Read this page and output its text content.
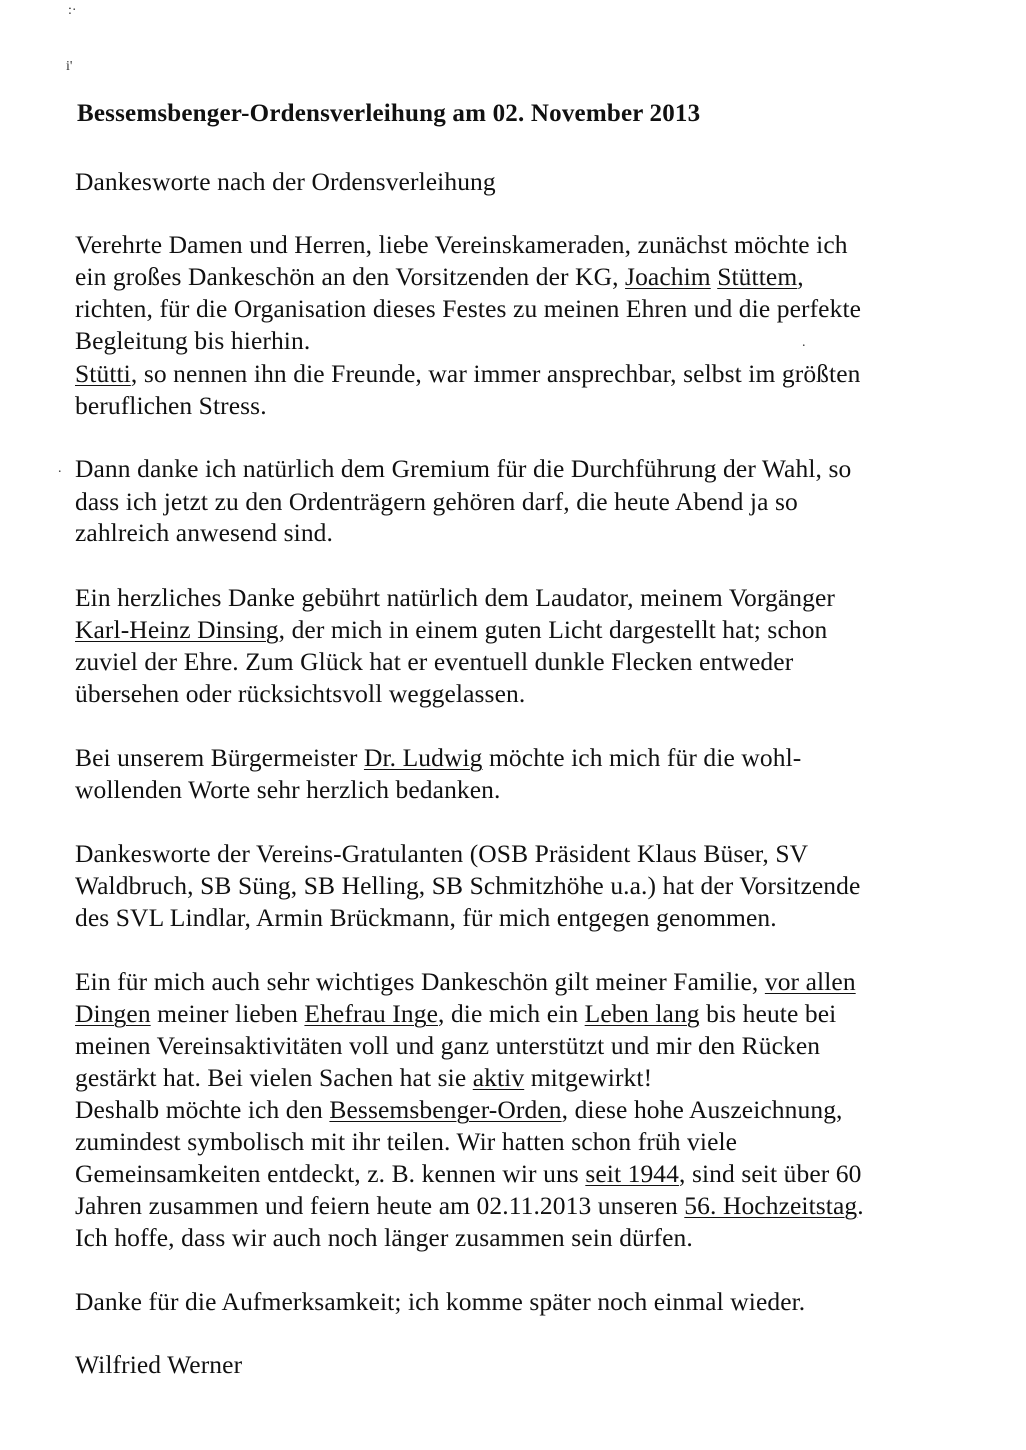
:·
i'
.
.
Bessemsbenger-Ordensverleihung am 02. November 2013
Dankesworte nach der Ordensverleihung
Verehrte Damen und Herren, liebe Vereinskameraden, zunächst möchte ich
ein großes Dankeschön an den Vorsitzenden der KG, Joachim Stüttem,
richten, für die Organisation dieses Festes zu meinen Ehren und die perfekte
Begleitung bis hierhin.
Stütti, so nennen ihn die Freunde, war immer ansprechbar, selbst im größten
beruflichen Stress.
Dann danke ich natürlich dem Gremium für die Durchführung der Wahl, so
dass ich jetzt zu den Ordenträgern gehören darf, die heute Abend ja so
zahlreich anwesend sind.
Ein herzliches Danke gebührt natürlich dem Laudator, meinem Vorgänger
Karl-Heinz Dinsing, der mich in einem guten Licht dargestellt hat; schon
zuviel der Ehre. Zum Glück hat er eventuell dunkle Flecken entweder
übersehen oder rücksichtsvoll weggelassen.
Bei unserem Bürgermeister Dr. Ludwig möchte ich mich für die wohl-
wollenden Worte sehr herzlich bedanken.
Dankesworte der Vereins-Gratulanten (OSB Präsident Klaus Büser, SV
Waldbruch, SB Süng, SB Helling, SB Schmitzhöhe u.a.) hat der Vorsitzende
des SVL Lindlar, Armin Brückmann, für mich entgegen genommen.
Ein für mich auch sehr wichtiges Dankeschön gilt meiner Familie, vor allen
Dingen meiner lieben Ehefrau Inge, die mich ein Leben lang bis heute bei
meinen Vereinsaktivitäten voll und ganz unterstützt und mir den Rücken
gestärkt hat. Bei vielen Sachen hat sie aktiv mitgewirkt!
Deshalb möchte ich den Bessemsbenger-Orden, diese hohe Auszeichnung,
zumindest symbolisch mit ihr teilen. Wir hatten schon früh viele
Gemeinsamkeiten entdeckt, z. B. kennen wir uns seit 1944, sind seit über 60
Jahren zusammen und feiern heute am 02.11.2013 unseren 56. Hochzeitstag.
Ich hoffe, dass wir auch noch länger zusammen sein dürfen.
Danke für die Aufmerksamkeit; ich komme später noch einmal wieder.
Wilfried Werner
